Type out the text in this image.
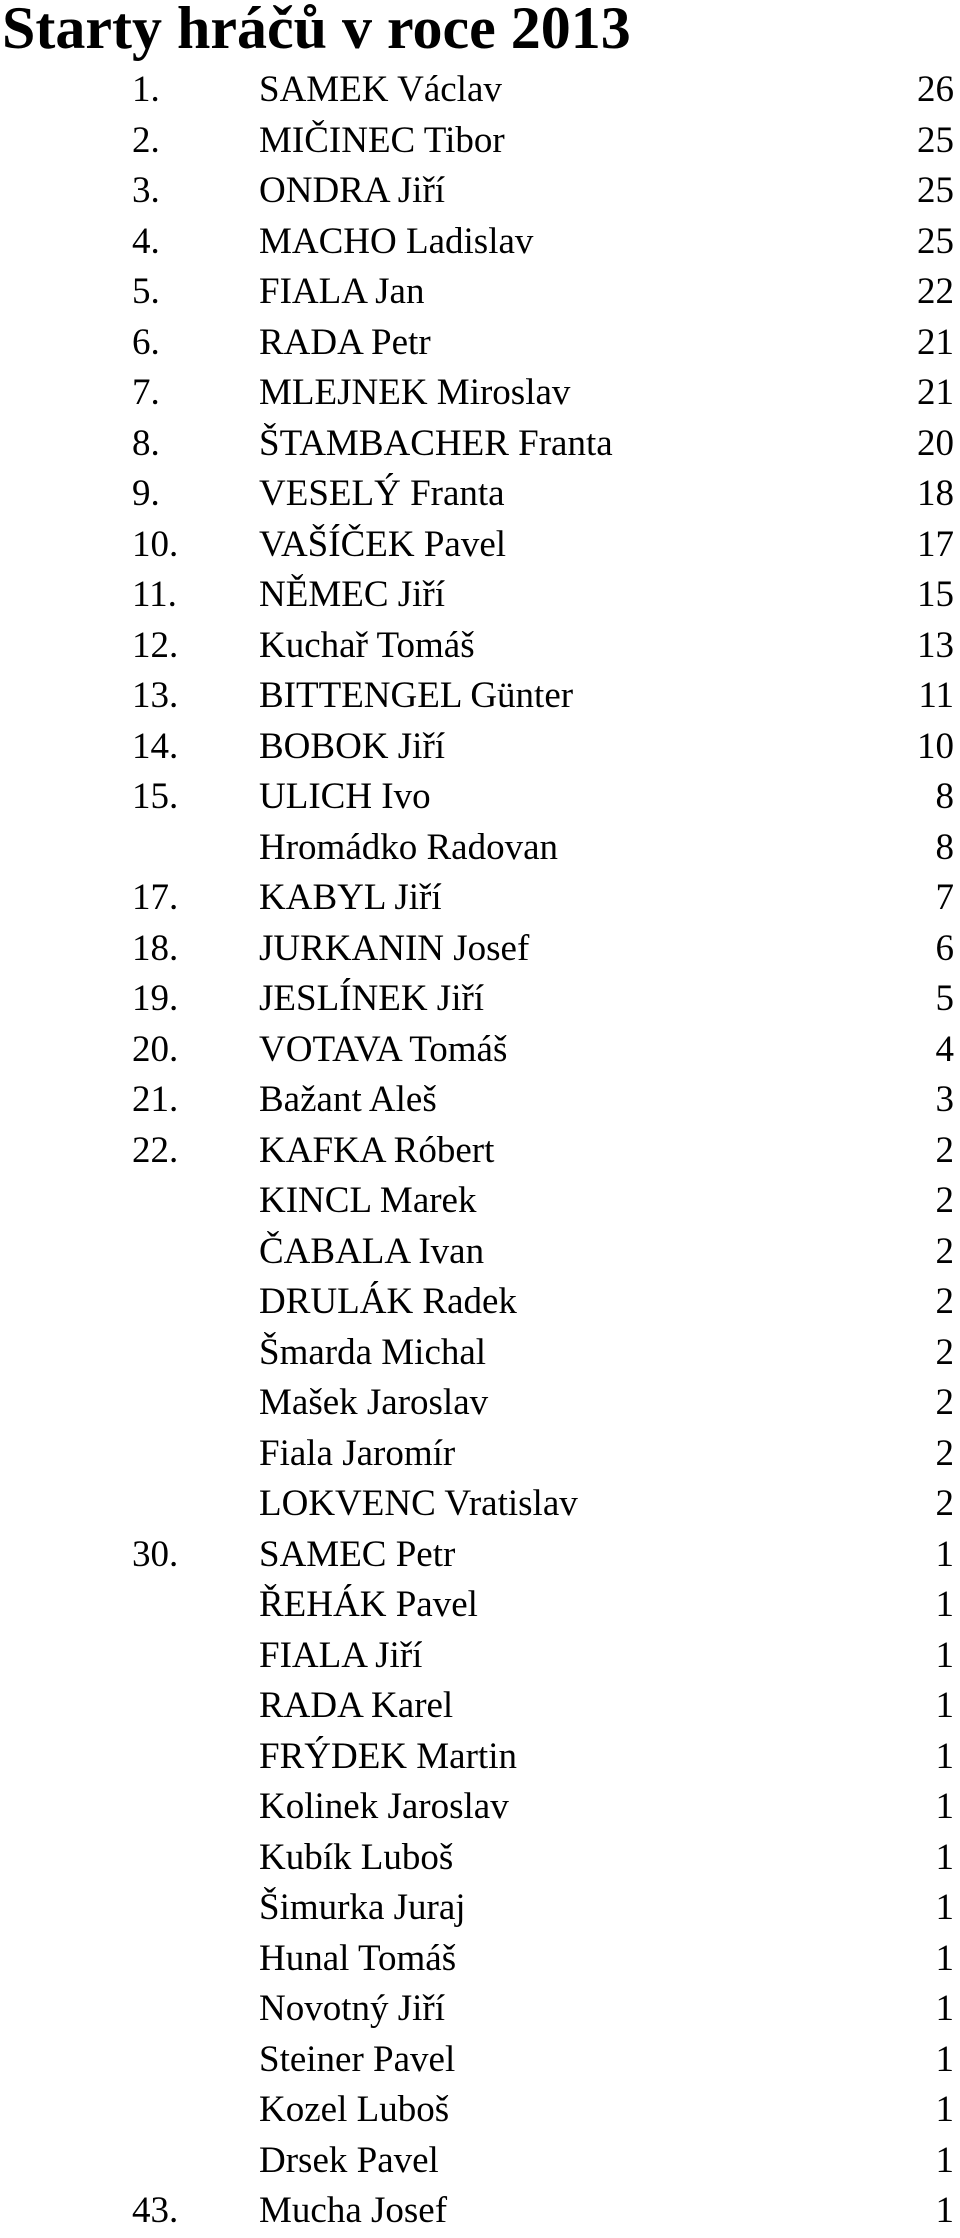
Starty hráčů v roce 2013
1.	SAMEK Václav	26
2.	MIČINEC Tibor	25
3.	ONDRA Jiří	25
4.	MACHO Ladislav	25
5.	FIALA Jan	22
6.	RADA Petr	21
7.	MLEJNEK Miroslav	21
8.	ŠTAMBACHER Franta	20
9.	VESELÝ Franta	18
10. VAŠÍČEK Pavel	17
11. NĚMEC Jiří	15
12. Kuchař Tomáš	13
13. BITTENGEL Günter	11
14. BOBOK Jiří	10
15. ULICH Ivo	8
Hromádko Radovan	8
17. KABYL Jiří	7
18. JURKANIN Josef	6
19. JESLÍNEK Jiří	5
20. VOTAVA Tomáš	4
21. Bažant Aleš	3
22. KAFKA Róbert	2
KINCL Marek	2
ČABALA Ivan	2
DRULÁK Radek	2
Šmarda Michal	2
Mašek Jaroslav	2
Fiala Jaromír	2
LOKVENC Vratislav	2
30. SAMEC Petr	1
ŘEHÁK Pavel	1
FIALA Jiří	1
RADA Karel	1
FRÝDEK Martin	1
Kolinek Jaroslav	1
Kubík Luboš	1
Šimurka Juraj	1
Hunal Tomáš	1
Novotný Jiří	1
Steiner Pavel	1
Kozel Luboš	1
Drsek Pavel	1
43. Mucha Josef	1
